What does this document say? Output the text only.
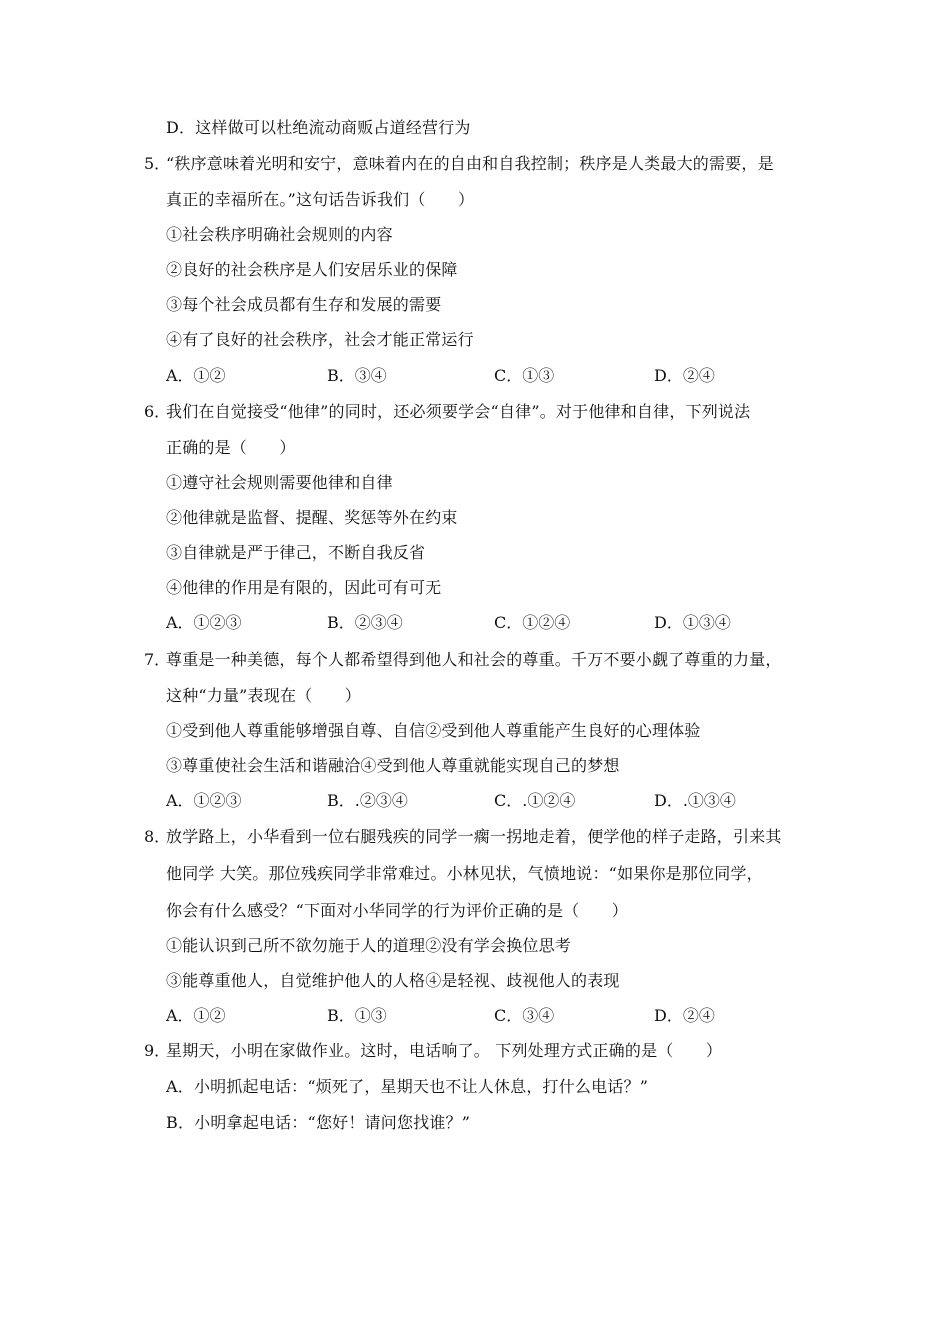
D．这样做可以杜绝流动商贩占道经营行为
5．
“秩序意味着光明和安宁，意味着内在的自由和自我控制；秩序是人类最大的需要，是
真正的幸福所在。”这句话告诉我们（　　）
①社会秩序明确社会规则的内容
②良好的社会秩序是人们安居乐业的保障
③每个社会成员都有生存和发展的需要
④有了良好的社会秩序，社会才能正常运行
A．①②	B．③④	C．①③	D．②④
6．
我们在自觉接受“他律”的同时，还必须要学会“自律”。对于他律和自律，下列说法
正确的是（　　）
①遵守社会规则需要他律和自律
②他律就是监督、提醒、奖惩等外在约束
③自律就是严于律己，不断自我反省
④他律的作用是有限的，因此可有可无
A．①②③	B．②③④	C．①②④	D．①③④
7．
尊重是一种美德，每个人都希望得到他人和社会的尊重。千万不要小觑了尊重的力量，
这种“力量”表现在（　　）
①受到他人尊重能够增强自尊、自信②受到他人尊重能产生良好的心理体验
③尊重使社会生活和谐融洽④受到他人尊重就能实现自己的梦想
A．①②③	B．.②③④	C．.①②④	D．.①③④
8．
放学路上，小华看到一位右腿残疾的同学一瘸一拐地走着，便学他的样子走路，引来其
他同学 大笑。那位残疾同学非常难过。小林见状，气愤地说：“如果你是那位同学，
你会有什么感受？“下面对小华同学的行为评价正确的是（　　）
①能认识到己所不欲勿施于人的道理②没有学会换位思考
③能尊重他人，自觉维护他人的人格④是轻视、歧视他人的表现
A．①②	B．①③	C．③④	D．②④
9．
星期天，小明在家做作业。这时，电话响了。 下列处理方式正确的是（　　）
A．小明抓起电话：“烦死了，星期天也不让人休息，打什么电话？”
B．小明拿起电话：“您好！请问您找谁？”
